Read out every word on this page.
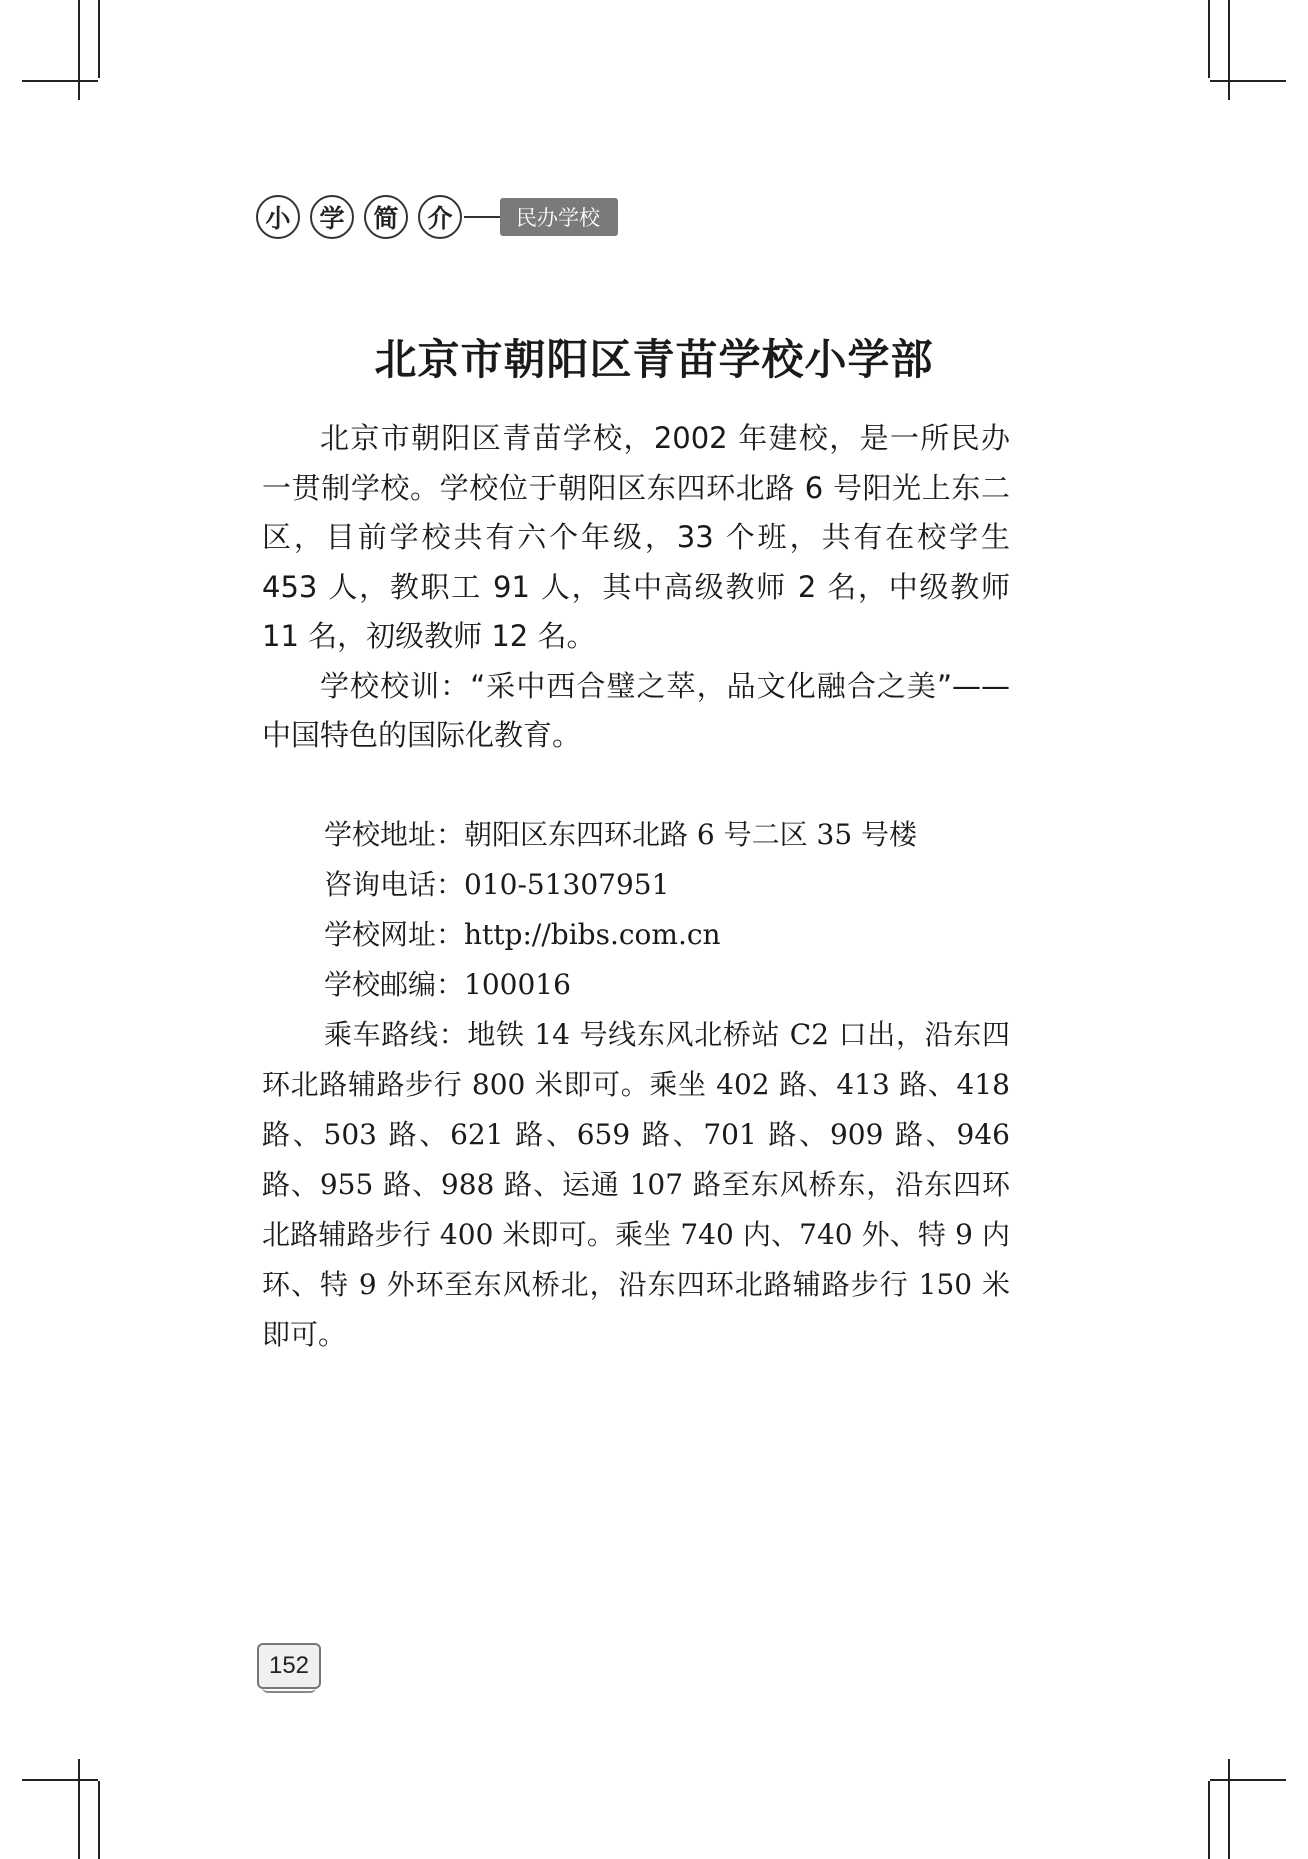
小	学	简	介	民办学校
北京市朝阳区青苗学校小学部

北京市朝阳区青苗学校，2002 年建校，是一所民办一贯制学校。学校位于朝阳区东四环北路 6 号阳光上东二区，目前学校共有六个年级，33 个班，共有在校学生 453 人，教职工 91 人，其中高级教师 2 名，中级教师 11 名，初级教师 12 名。

学校校训：“采中西合璧之萃，品文化融合之美”——中国特色的国际化教育。

学校地址： 朝阳区东四环北路 6 号二区 35 号楼
咨询电话： 010-51307951
学校网址： http://bibs.com.cn
学校邮编： 100016

乘车路线：地铁 14 号线东风北桥站 C2 口出，沿东四环北路辅路步行 800 米即可。乘坐 402 路、413 路、418 路、503 路、621 路、659 路、701 路、909 路、946 路、955 路、988 路、运通 107 路至东风桥东，沿东四环北路辅路步行 400 米即可。乘坐 740 内、740 外、特 9 内环、特 9 外环至东风桥北，沿东四环北路辅路步行 150 米即可。

152
